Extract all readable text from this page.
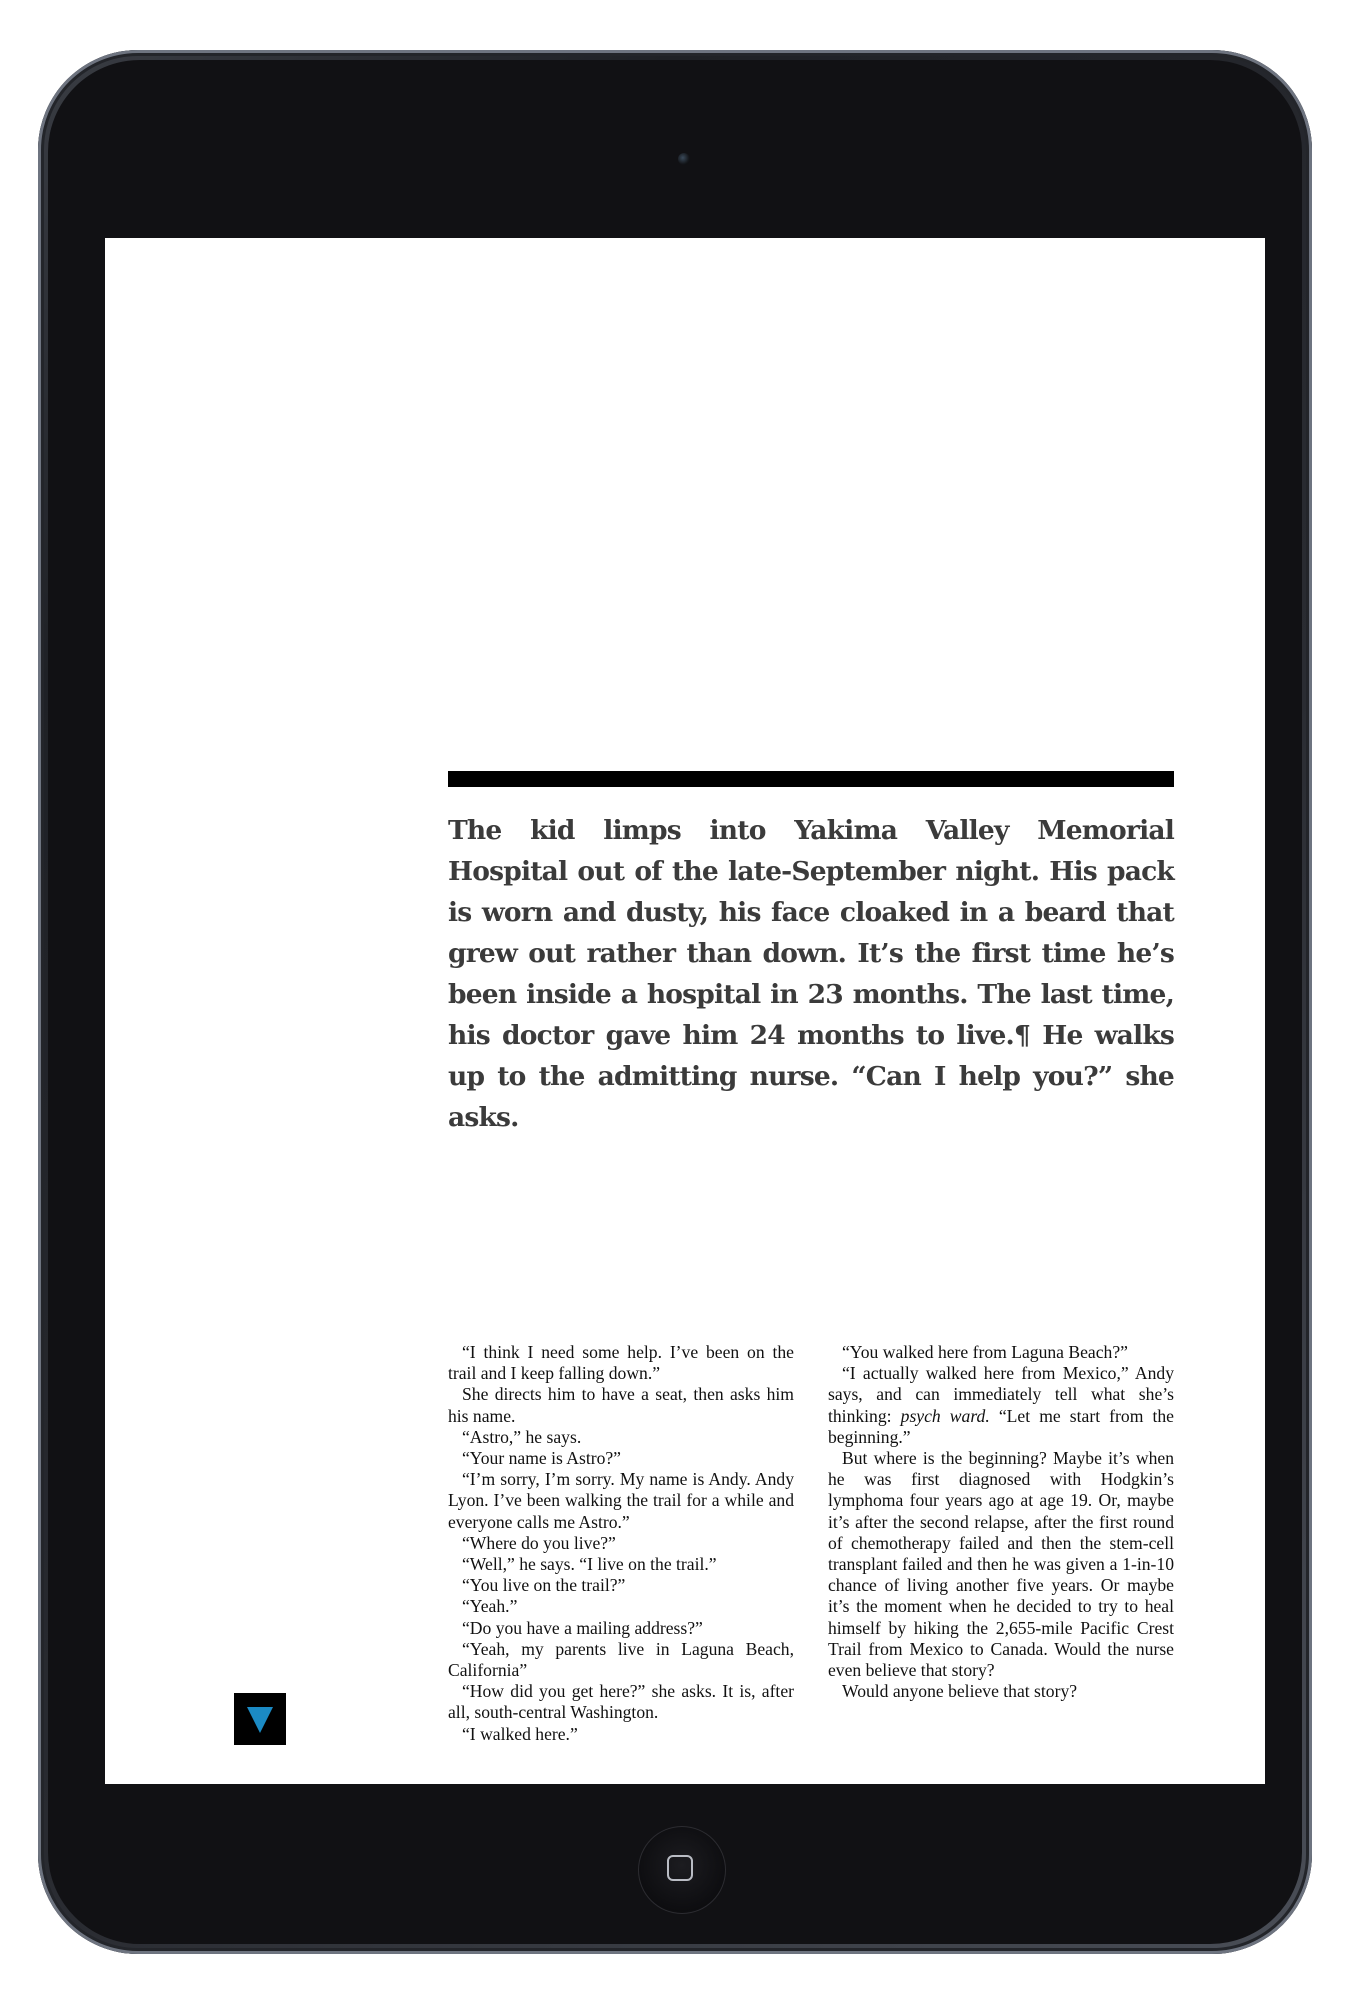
The kid limps into Yakima Valley Memorial Hospital out of the late-September night. His pack is worn and dusty, his face cloaked in a beard that grew out rather than down. It’s the first time he’s been inside a hospital in 23 months. The last time, his doctor gave him 24 months to live.¶ He walks up to the admitting nurse. “Can I help you?” she asks.

“I think I need some help. I’ve been on the trail and I keep falling down.”

She directs him to have a seat, then asks him his name.

“Astro,” he says.

“Your name is Astro?”

“I’m sorry, I’m sorry. My name is Andy. Andy Lyon. I’ve been walking the trail for a while and everyone calls me Astro.”

“Where do you live?”

“Well,” he says. “I live on the trail.”

“You live on the trail?”

“Yeah.”

“Do you have a mailing address?”

“Yeah, my parents live in Laguna Beach, California”

“How did you get here?” she asks. It is, after all, south-central Washington.

“I walked here.”

“You walked here from Laguna Beach?”

“I actually walked here from Mexico,” Andy says, and can immediately tell what she’s thinking: psych ward. “Let me start from the beginning.”

But where is the beginning? Maybe it’s when he was first diagnosed with Hodgkin’s lymphoma four years ago at age 19. Or, maybe it’s after the second relapse, after the first round of chemotherapy failed and then the stem-cell transplant failed and then he was given a 1-in-10 chance of living another five years. Or maybe it’s the moment when he decided to try to heal himself by hiking the 2,655-mile Pacific Crest Trail from Mexico to Canada. Would the nurse even believe that story?

Would anyone believe that story?
